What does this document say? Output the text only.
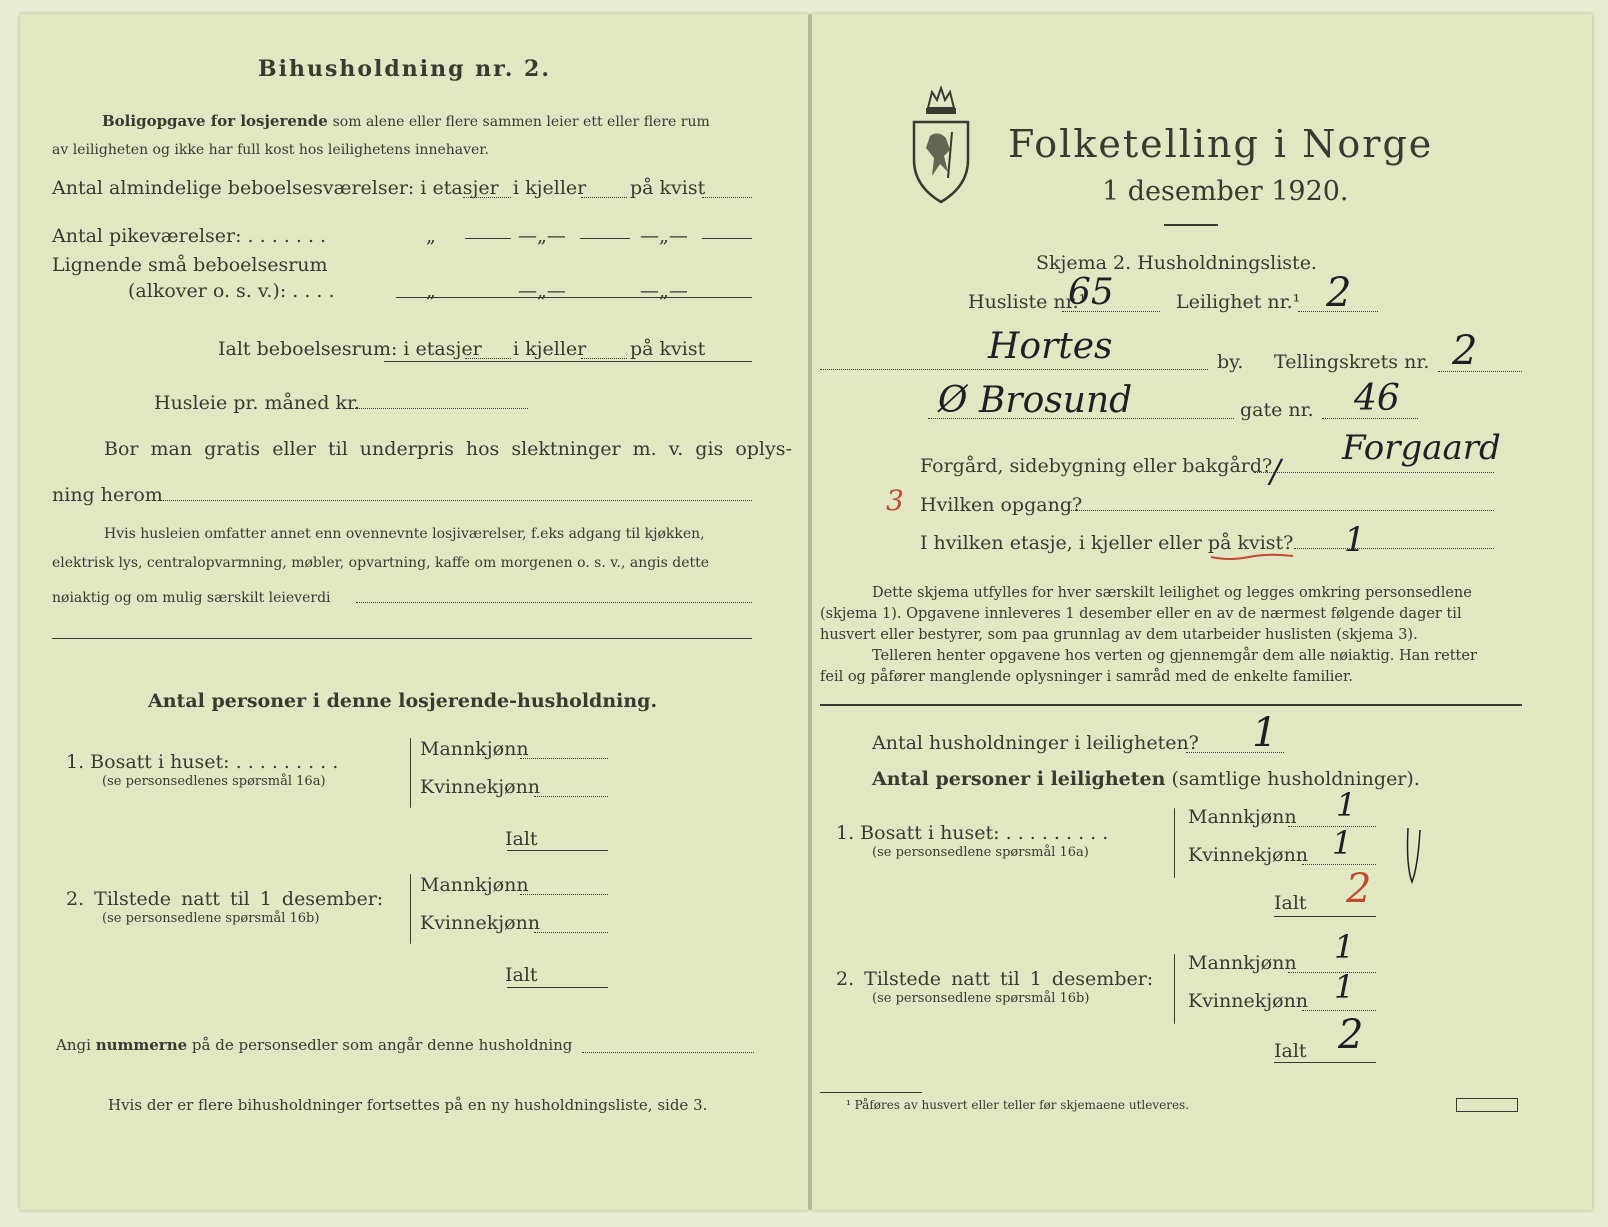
Bihusholdning nr. 2.
Boligopgave for losjerende som alene eller flere sammen leier ett eller flere rum
av leiligheten og ikke har full kost hos leilighetens innehaver.
Antal almindelige beboelsesværelser: i etasjer i kjeller på kvist
Antal pikeværelser: . . . . . . .	„	—„—	—„—
Lignende små beboelsesrum
(alkover o. s. v.): . . . .	„	—„—	—„—
Ialt beboelsesrum: i etasjer i kjeller på kvist
Husleie pr. måned kr.
Bor man gratis eller til underpris hos slektninger m. v. gis oplys-
ning herom
Hvis husleien omfatter annet enn ovennevnte losjiværelser, f.eks adgang til kjøkken,
elektrisk lys, centralopvarmning, møbler, opvartning, kaffe om morgenen o. s. v., angis dette
nøiaktig og om mulig særskilt leieverdi
Antal personer i denne losjerende-husholdning.
1. Bosatt i huset: . . . . . . . . .
(se personsedlenes spørsmål 16a)
Mannkjønn
Kvinnekjønn
Ialt
2. Tilstede natt til 1 desember:
(se personsedlene spørsmål 16b)
Mannkjønn
Kvinnekjønn
Ialt
Angi nummerne på de personsedler som angår denne husholdning
Hvis der er flere bihusholdninger fortsettes på en ny husholdningsliste, side 3.
Folketelling i Norge
1 desember 1920.
Skjema 2. Husholdningsliste.
Husliste nr.¹
65	Leilighet nr.¹ 2
Hortes	by. Tellingskrets nr. 2
Ø Brosund	gate nr. 46
Forgård, sidebygning eller bakgård?
/
Forgaard
3 Hvilken opgang?
I hvilken etasje, i kjeller eller på kvist? 1
Dette skjema utfylles for hver særskilt leilighet og legges omkring personsedlene
(skjema 1). Opgavene innleveres 1 desember eller en av de nærmest følgende dager til
husvert eller bestyrer, som paa grunnlag av dem utarbeider huslisten (skjema 3).
Telleren henter opgavene hos verten og gjennemgår dem alle nøiaktig. Han retter
feil og påfører manglende oplysninger i samråd med de enkelte familier.
Antal husholdninger i leiligheten? 1
Antal personer i leiligheten (samtlige husholdninger).
1. Bosatt i huset: . . . . . . . . .
(se personsedlene spørsmål 16a)
Mannkjønn 1
Kvinnekjønn 1
Ialt 2
2. Tilstede natt til 1 desember:
(se personsedlene spørsmål 16b)
Mannkjønn 1
Kvinnekjønn 1
Ialt 2
¹ Påføres av husvert eller teller før skjemaene utleveres.
